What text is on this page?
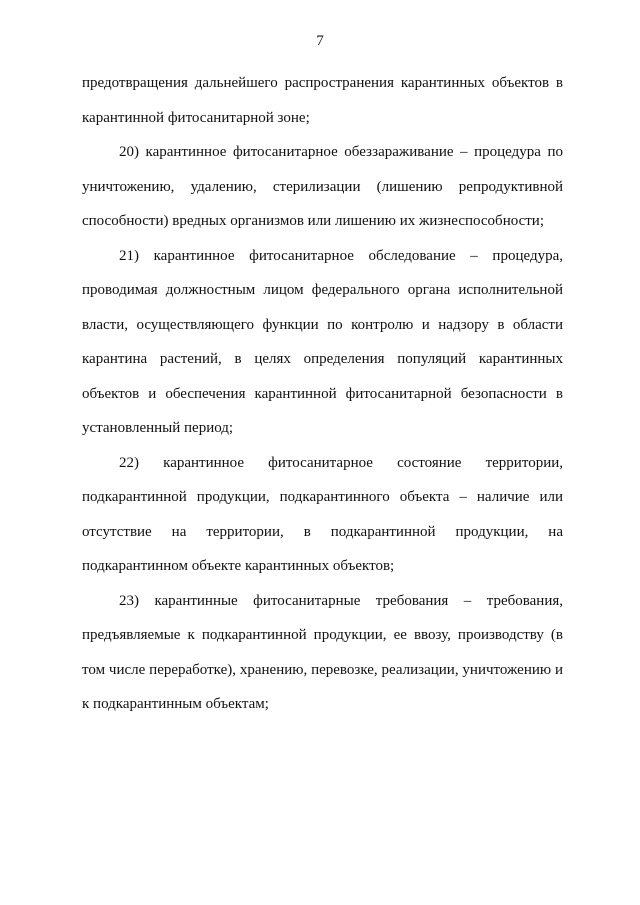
7
предотвращения дальнейшего распространения карантинных объектов в
карантинной фитосанитарной зоне;
20) карантинное фитосанитарное обеззараживание – процедура по
уничтожению, удалению, стерилизации (лишению репродуктивной
способности) вредных организмов или лишению их жизнеспособности;
21) карантинное фитосанитарное обследование – процедура,
проводимая должностным лицом федерального органа исполнительной
власти, осуществляющего функции по контролю и надзору в области
карантина растений, в целях определения популяций карантинных
объектов и обеспечения карантинной фитосанитарной безопасности в
установленный период;
22) карантинное фитосанитарное состояние территории,
подкарантинной продукции, подкарантинного объекта – наличие или
отсутствие на территории, в подкарантинной продукции, на
подкарантинном объекте карантинных объектов;
23) карантинные фитосанитарные требования – требования,
предъявляемые к подкарантинной продукции, ее ввозу, производству (в
том числе переработке), хранению, перевозке, реализации, уничтожению и
к подкарантинным объектам;
